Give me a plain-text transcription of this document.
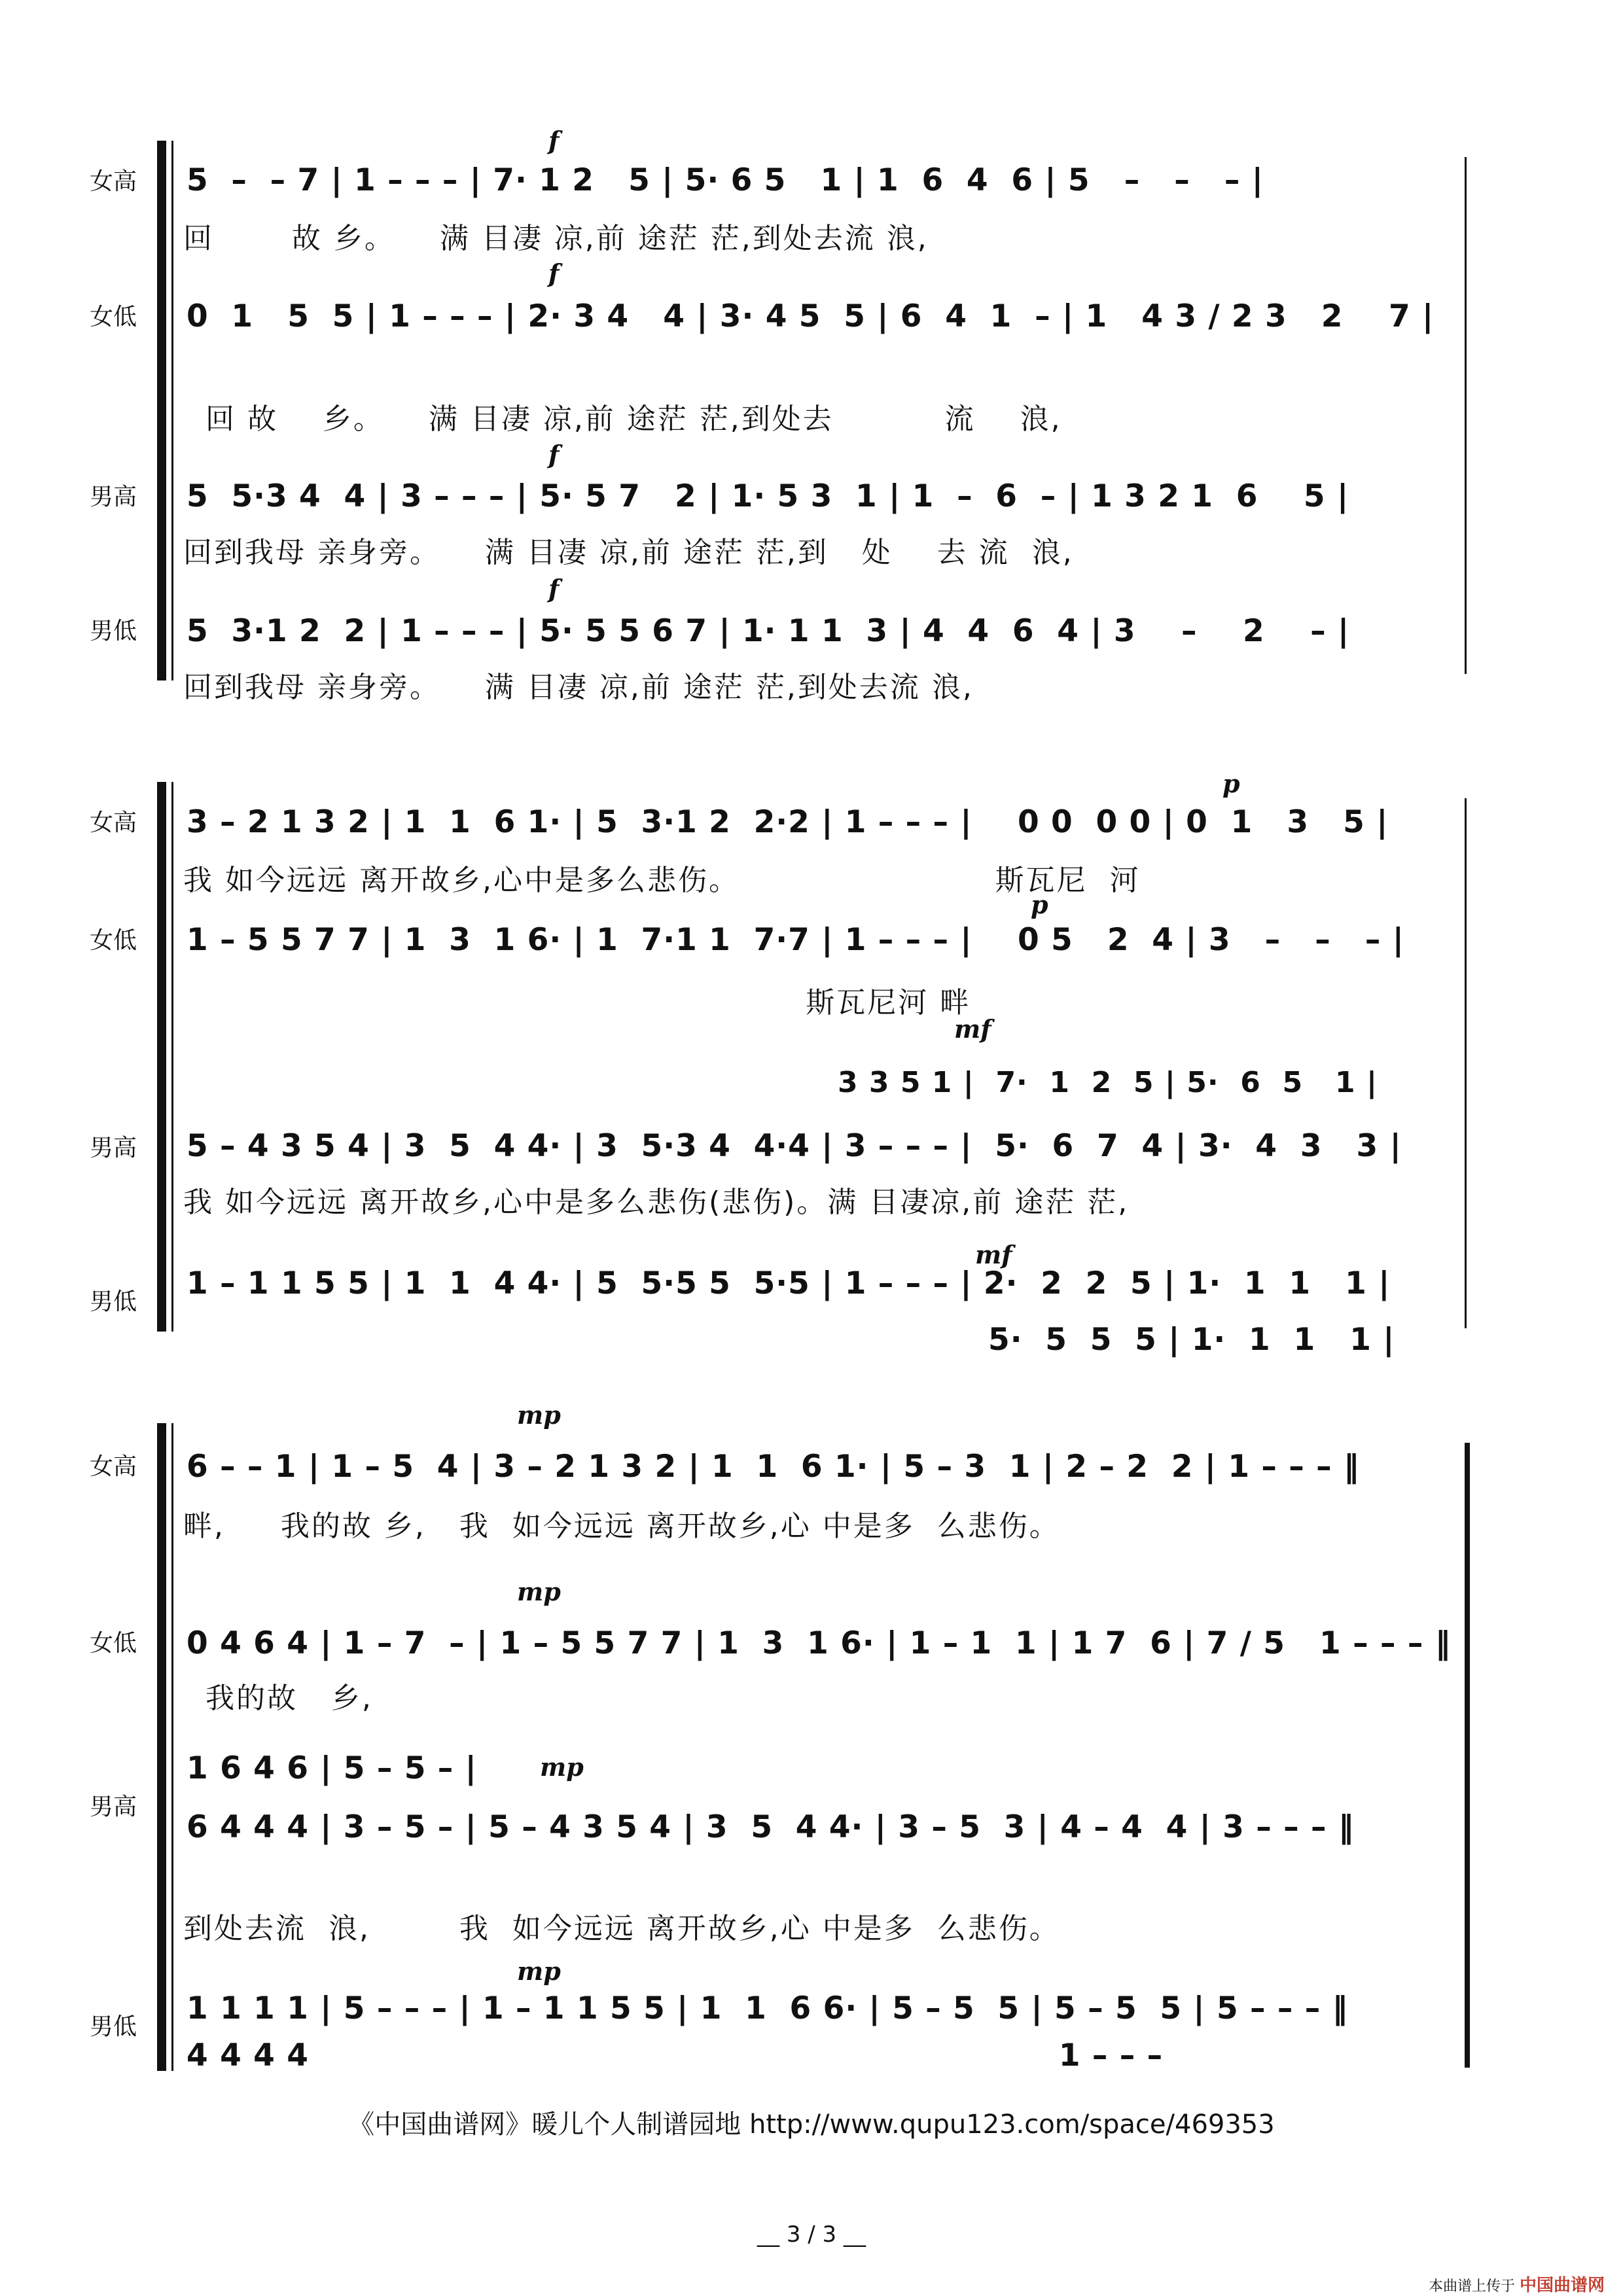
女高
f
5  –  – 7 | 1 – – – | 7· 1 2   5 | 5· 6 5   1 | 1  6  4  6 | 5   –   –   – |
回       故 乡。    满 目凄 凉,前 途茫 茫,到处去流 浪,
女低
f
0  1   5  5 | 1 – – – | 2· 3 4   4 | 3· 4 5  5 | 6  4  1  – | 1   4 3 / 2 3   2    7 |
回 故    乡。    满 目凄 凉,前 途茫 茫,到处去          流    浪,
男高
f
5  5·3 4  4 | 3 – – – | 5· 5 7   2 | 1· 5 3  1 | 1  –  6  – | 1 3 2 1  6    5 |
回到我母 亲身旁。    满 目凄 凉,前 途茫 茫,到   处    去 流  浪,
男低
f
5  3·1 2  2 | 1 – – – | 5· 5 5 6 7 | 1· 1 1  3 | 4  4  6  4 | 3    –    2    – |
回到我母 亲身旁。    满 目凄 凉,前 途茫 茫,到处去流 浪,
女高
p
3 – 2 1 3 2 | 1  1  6 1· | 5  3·1 2  2·2 | 1 – – – |    0 0  0 0 | 0  1   3   5 |
我 如今远远 离开故乡,心中是多么悲伤。                       斯瓦尼  河
女低
p
1 – 5 5 7 7 | 1  3  1 6· | 1  7·1 1  7·7 | 1 – – – |    0 5   2  4 | 3   –   –   – |
斯瓦尼河 畔
mf
3 3 5 1 |  7·  1  2  5 | 5·  6  5   1 |
男高	5 – 4 3 5 4 | 3  5  4 4· | 3  5·3 4  4·4 | 3 – – – |  5·  6  7  4 | 3·  4  3   3 |
我 如今远远 离开故乡,心中是多么悲伤(悲伤)。满 目凄凉,前 途茫 茫,
男低
mf
1 – 1 1 5 5 | 1  1  4 4· | 5  5·5 5  5·5 | 1 – – – | 2·  2  2  5 | 1·  1  1   1 |
5·  5  5  5 | 1·  1  1   1 |
女高
mp
6 – – 1 | 1 – 5  4 | 3 – 2 1 3 2 | 1  1  6 1· | 5 – 3  1 | 2 – 2  2 | 1 – – – ‖
畔,     我的故 乡,   我  如今远远 离开故乡,心 中是多  么悲伤。
女低
mp
0 4 6 4 | 1 – 7  – | 1 – 5 5 7 7 | 1  3  1 6· | 1 – 1  1 | 1 7  6 | 7 / 5   1 – – – ‖
我的故   乡,
1 6 4 6 | 5 – 5 – |
男高
mp
6 4 4 4 | 3 – 5 – | 5 – 4 3 5 4 | 3  5  4 4· | 3 – 5  3 | 4 – 4  4 | 3 – – – ‖
到处去流  浪,        我  如今远远 离开故乡,心 中是多  么悲伤。
男低
mp
1 1 1 1 | 5 – – – | 1 – 1 1 5 5 | 1  1  6 6· | 5 – 5  5 | 5 – 5  5 | 5 – – – ‖
4 4 4 4                                                                  1 – – –
《中国曲谱网》暖儿个人制谱园地 http://www.qupu123.com/space/469353
__ 3 / 3 __
本曲谱上传于 中国曲谱网
